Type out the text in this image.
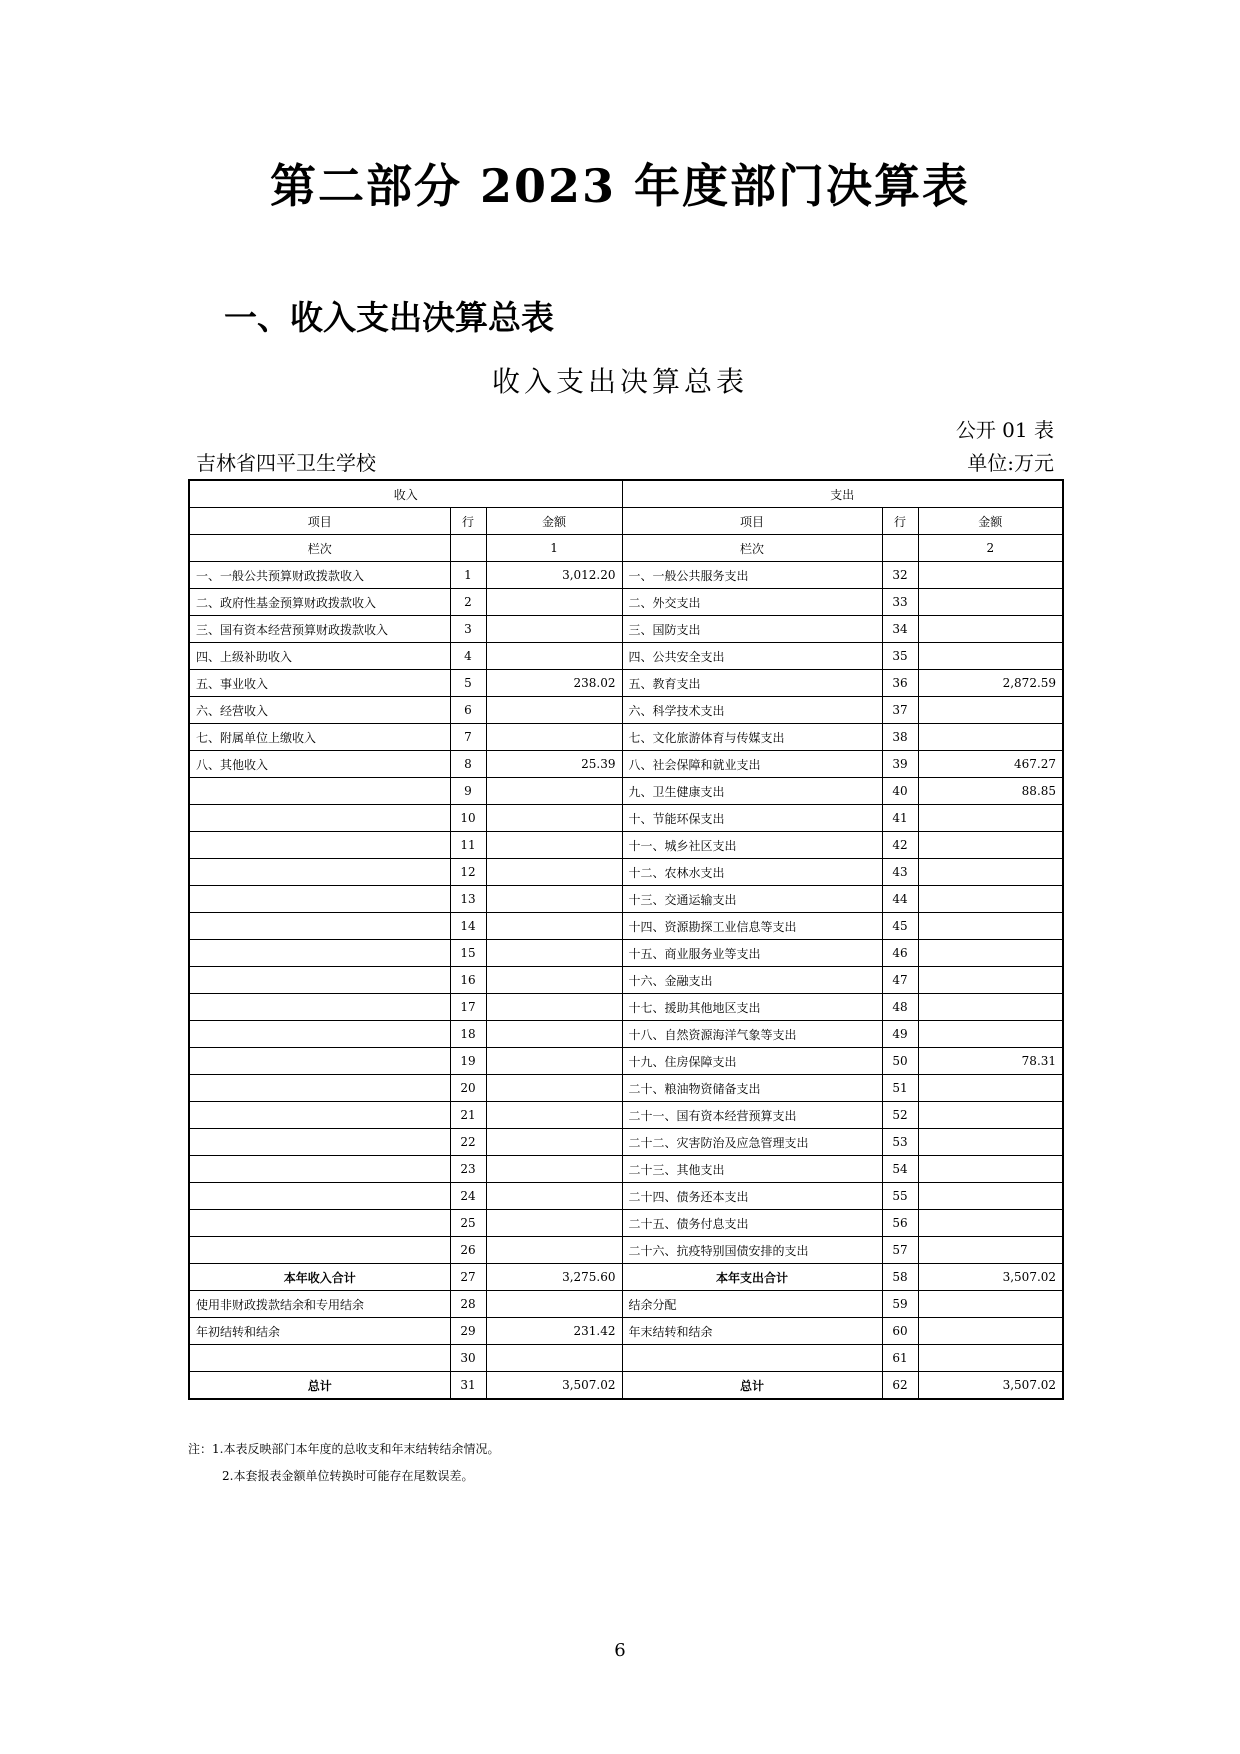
第二部分 2023 年度部门决算表
一、收入支出决算总表
收入支出决算总表
公开 01 表
吉林省四平卫生学校	单位:万元
收入			支出		
项目	行	金额	项目	行	金额
栏次		1	栏次		2
一、一般公共预算财政拨款收入	1	3,012.20	一、一般公共服务支出	32	
二、政府性基金预算财政拨款收入	2		二、外交支出	33	
三、国有资本经营预算财政拨款收入	3		三、国防支出	34	
四、上级补助收入	4		四、公共安全支出	35	
五、事业收入	5	238.02	五、教育支出	36	2,872.59
六、经营收入	6		六、科学技术支出	37	
七、附属单位上缴收入	7		七、文化旅游体育与传媒支出	38	
八、其他收入	8	25.39	八、社会保障和就业支出	39	467.27
	9		九、卫生健康支出	40	88.85
	10		十、节能环保支出	41	
	11		十一、城乡社区支出	42	
	12		十二、农林水支出	43	
	13		十三、交通运输支出	44	
	14		十四、资源勘探工业信息等支出	45	
	15		十五、商业服务业等支出	46	
	16		十六、金融支出	47	
	17		十七、援助其他地区支出	48	
	18		十八、自然资源海洋气象等支出	49	
	19		十九、住房保障支出	50	78.31
	20		二十、粮油物资储备支出	51	
	21		二十一、国有资本经营预算支出	52	
	22		二十二、灾害防治及应急管理支出	53	
	23		二十三、其他支出	54	
	24		二十四、债务还本支出	55	
	25		二十五、债务付息支出	56	
	26		二十六、抗疫特别国债安排的支出	57	
本年收入合计	27	3,275.60	本年支出合计	58	3,507.02
使用非财政拨款结余和专用结余	28		结余分配	59	
年初结转和结余	29	231.42	年末结转和结余	60	
	30			61	
总计	31	3,507.02	总计	62	3,507.02
注：1.本表反映部门本年度的总收支和年末结转结余情况。
2.本套报表金额单位转换时可能存在尾数误差。
6
